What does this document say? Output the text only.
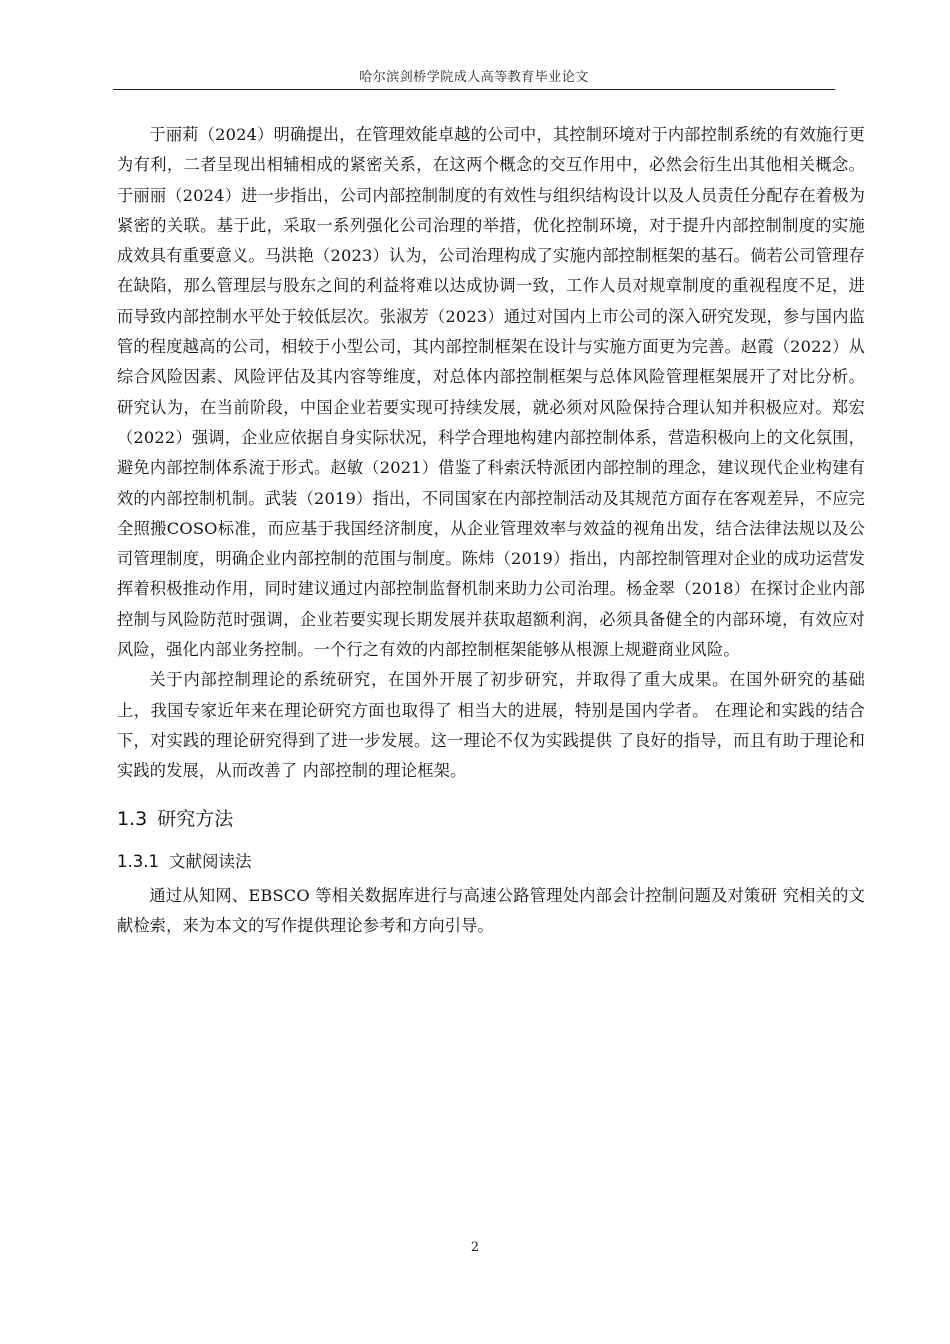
哈尔滨剑桥学院成人高等教育毕业论文

于丽莉（2024）明确提出，在管理效能卓越的公司中，其控制环境对于内部控制系统的有效施行更为有利，二者呈现出相辅相成的紧密关系，在这两个概念的交互作用中，必然会衍生出其他相关概念。于丽丽（2024）进一步指出，公司内部控制制度的有效性与组织结构设计以及人员责任分配存在着极为紧密的关联。基于此，采取一系列强化公司治理的举措，优化控制环境，对于提升内部控制制度的实施成效具有重要意义。马洪艳（2023）认为，公司治理构成了实施内部控制框架的基石。倘若公司管理存在缺陷，那么管理层与股东之间的利益将难以达成协调一致，工作人员对规章制度的重视程度不足，进而导致内部控制水平处于较低层次。张淑芳（2023）通过对国内上市公司的深入研究发现，参与国内监管的程度越高的公司，相较于小型公司，其内部控制框架在设计与实施方面更为完善。赵霞（2022）从综合风险因素、风险评估及其内容等维度，对总体内部控制框架与总体风险管理框架展开了对比分析。研究认为，在当前阶段，中国企业若要实现可持续发展，就必须对风险保持合理认知并积极应对。郑宏（2022）强调，企业应依据自身实际状况，科学合理地构建内部控制体系，营造积极向上的文化氛围，避免内部控制体系流于形式。赵敏（2021）借鉴了科索沃特派团内部控制的理念，建议现代企业构建有效的内部控制机制。武装（2019）指出，不同国家在内部控制活动及其规范方面存在客观差异，不应完全照搬COSO标准，而应基于我国经济制度，从企业管理效率与效益的视角出发，结合法律法规以及公司管理制度，明确企业内部控制的范围与制度。陈炜（2019）指出，内部控制管理对企业的成功运营发挥着积极推动作用，同时建议通过内部控制监督机制来助力公司治理。杨金翠（2018）在探讨企业内部控制与风险防范时强调，企业若要实现长期发展并获取超额利润，必须具备健全的内部环境，有效应对风险，强化内部业务控制。一个行之有效的内部控制框架能够从根源上规避商业风险。

关于内部控制理论的系统研究，在国外开展了初步研究，并取得了重大成果。在国外研究的基础上，我国专家近年来在理论研究方面也取得了 相当大的进展，特别是国内学者。 在理论和实践的结合下，对实践的理论研究得到了进一步发展。这一理论不仅为实践提供 了良好的指导，而且有助于理论和实践的发展，从而改善了 内部控制的理论框架。

1.3 研究方法
1.3.1 文献阅读法

通过从知网、EBSCO 等相关数据库进行与高速公路管理处内部会计控制问题及对策研 究相关的文献检索，来为本文的写作提供理论参考和方向引导。

2
